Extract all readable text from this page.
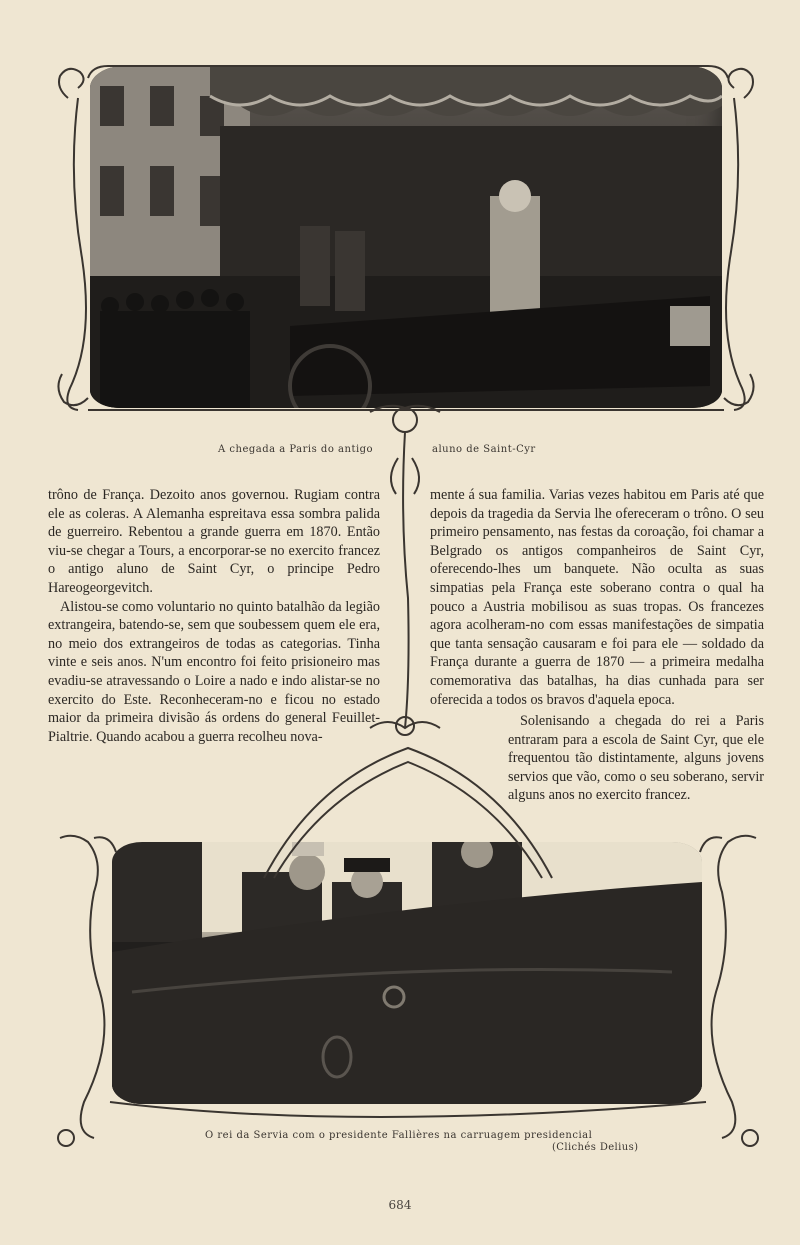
A chegada a Paris do antigo	aluno de Saint-Cyr

trôno de França. Dezoito anos governou. Rugiam contra ele as coleras. A Alemanha espreitava essa sombra palida de guerreiro. Rebentou a grande guerra em 1870. Então viu-se chegar a Tours, a encorporar-se no exercito francez o antigo aluno de Saint Cyr, o principe Pedro Hareogeorgevitch.

Alistou-se como voluntario no quinto batalhão da legião extrangeira, batendo-se, sem que soubessem quem ele era, no meio dos extrangeiros de todas as categorias. Tinha vinte e seis anos. N'um encontro foi feito prisioneiro mas evadiu-se atravessando o Loire a nado e indo alistar-se no exercito do Este. Reconheceram-no e ficou no estado maior da primeira divisão ás ordens do general Feuillet-Pialtrie. Quando acabou a guerra recolheu nova-

mente á sua familia. Varias vezes habitou em Paris até que depois da tragedia da Servia lhe ofereceram o trôno. O seu primeiro pensamento, nas festas da coroação, foi chamar a Belgrado os antigos companheiros de Saint Cyr, oferecendo-lhes um banquete. Não oculta as suas simpatias pela França este soberano contra o qual ha pouco a Austria mobilisou as suas tropas. Os francezes agora acolheram-no com essas manifestações de simpatia que tanta sensação causaram e foi para ele — soldado da França durante a guerra de 1870 — a primeira medalha comemorativa das batalhas, ha dias cunhada para ser oferecida a todos os bravos d'aquela epoca.

Solenisando a chegada do rei a Paris entraram para a escola de Saint Cyr, que ele frequentou tão distintamente, alguns jovens servios que vão, como o seu soberano, servir alguns anos no exercito francez.

O rei da Servia com o presidente Fallières na carruagem presidencial
(Clichés Delius)
684
